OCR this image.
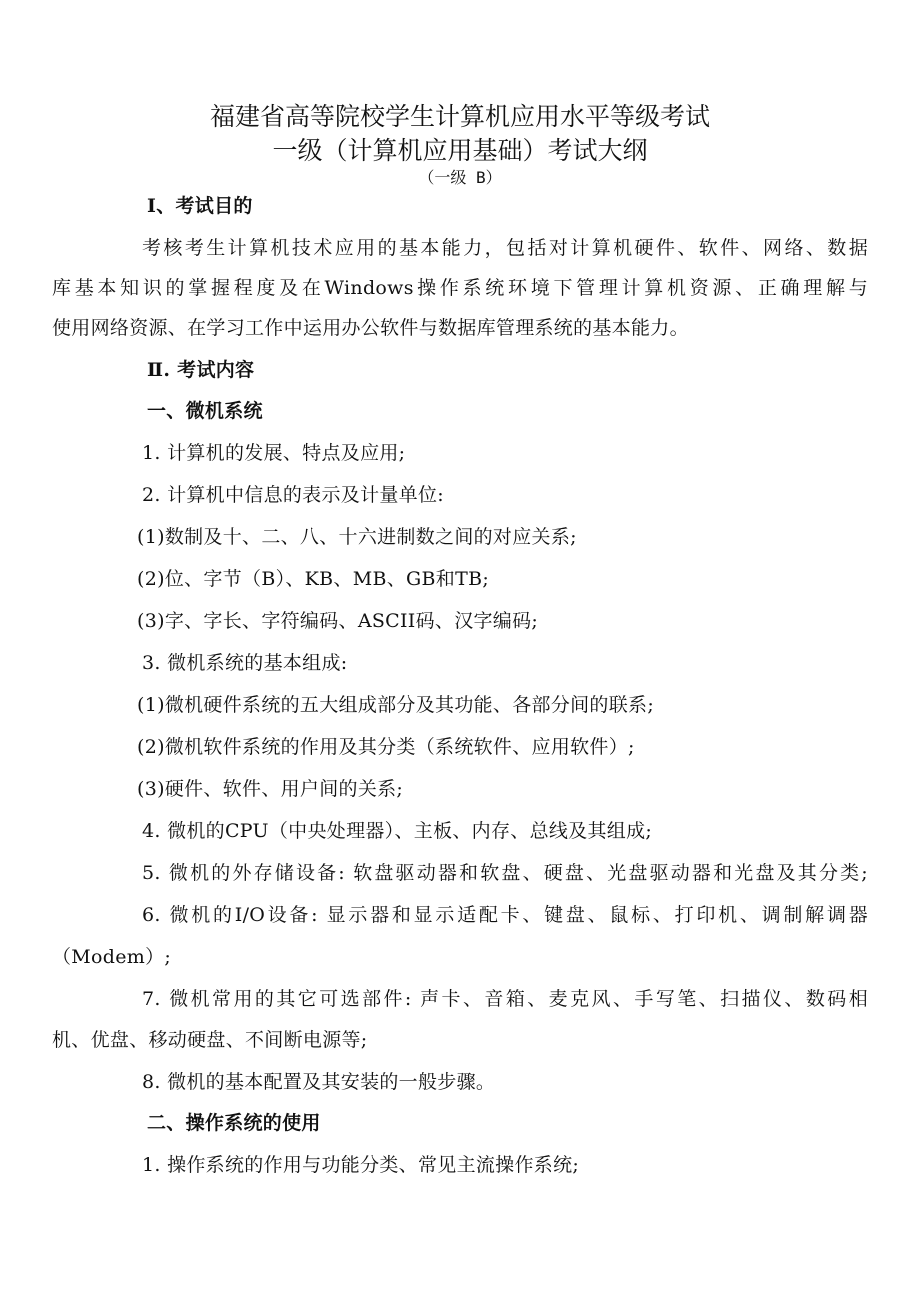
福建省高等院校学生计算机应用水平等级考试
一级（计算机应用基础）考试大纲
（一级 B）
Ⅰ、考试目的
考核考生计算机技术应用的基本能力，包括对计算机硬件、软件、网络、数据
库基本知识的掌握程度及在Windows操作系统环境下管理计算机资源、正确理解与
使用网络资源、在学习工作中运用办公软件与数据库管理系统的基本能力。
Ⅱ. 考试内容
一、微机系统
1. 计算机的发展、特点及应用;
2. 计算机中信息的表示及计量单位:
(1)数制及十、二、八、十六进制数之间的对应关系;
(2)位、字节（B）、KB、MB、GB和TB;
(3)字、字长、字符编码、ASCII码、汉字编码;
3. 微机系统的基本组成:
(1)微机硬件系统的五大组成部分及其功能、各部分间的联系;
(2)微机软件系统的作用及其分类（系统软件、应用软件）;
(3)硬件、软件、用户间的关系;
4. 微机的CPU（中央处理器）、主板、内存、总线及其组成;
5. 微机的外存储设备: 软盘驱动器和软盘、硬盘、光盘驱动器和光盘及其分类;
6. 微机的I/O设备: 显示器和显示适配卡、键盘、鼠标、打印机、调制解调器
（Modem）;
7. 微机常用的其它可选部件: 声卡、音箱、麦克风、手写笔、扫描仪、数码相
机、优盘、移动硬盘、不间断电源等;
8. 微机的基本配置及其安装的一般步骤。
二、操作系统的使用
1. 操作系统的作用与功能分类、常见主流操作系统;
